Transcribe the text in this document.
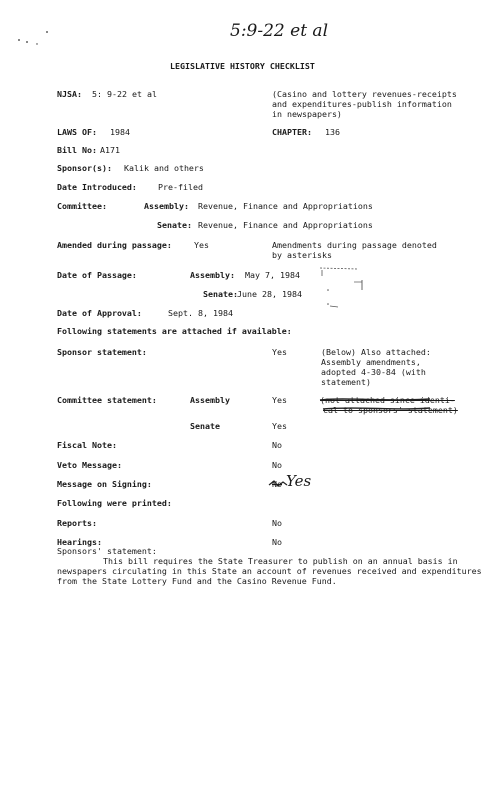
5:9-22 et al
LEGISLATIVE HISTORY CHECKLIST
NJSA: 5: 9-22 et al	(Casino and lottery revenues-receipts
and expenditures-publish information
in newspapers)
LAWS OF: 1984	CHAPTER: 136
Bill No: A171
Sponsor(s): Kalik and others
Date Introduced:	Pre-filed
Committee:	Assembly: Revenue, Finance and Appropriations
Senate: Revenue, Finance and Appropriations
Amended during passage:	Yes	Amendments during passage denoted
by asterisks
Date of Passage:	Assembly: May 7, 1984
Senate: June 28, 1984
Date of Approval:	Sept. 8, 1984
Following statements are attached if available:
Sponsor statement:	Yes	(Below) Also attached:
Assembly amendments,
adopted 4-30-84 (with
statement)
Committee statement:	Assembly	Yes	(not attached since identi-
cal to sponsors' statement)
Senate	Yes
Fiscal Note:	No
Veto Message:	No
Message on Signing:	No Yes
Following were printed:
Reports:	No
Hearings:	No
Sponsors' statement:
This bill requires the State Treasurer to publish on an annual basis in
newspapers circulating in this State an account of revenues received and expenditures
from the State Lottery Fund and the Casino Revenue Fund.
